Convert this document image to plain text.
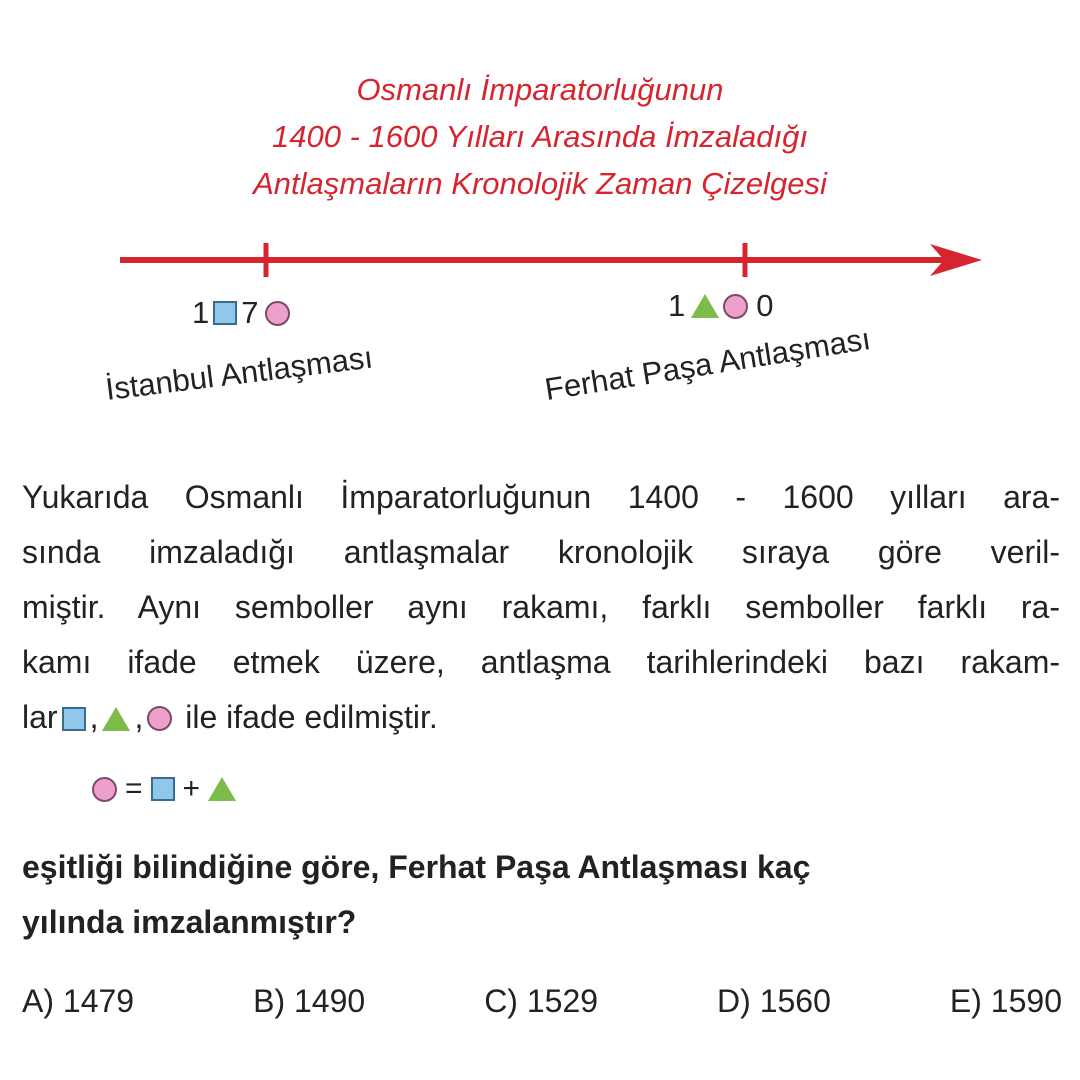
Osmanlı İmparatorluğunun
1400 - 1600 Yılları Arasında İmzaladığı
Antlaşmaların Kronolojik Zaman Çizelgesi
1 7
İstanbul Antlaşması
1 0
Ferhat Paşa Antlaşması
Yukarıda Osmanlı İmparatorluğunun 1400 - 1600 yılları ara-
sında imzaladığı antlaşmalar kronolojik sıraya göre veril-
miştir. Aynı semboller aynı rakamı, farklı semboller farklı ra-
kamı ifade etmek üzere, antlaşma tarihlerindeki bazı rakam-
lar , , ile ifade edilmiştir.
= +
eşitliği bilindiğine göre, Ferhat Paşa Antlaşması kaç
yılında imzalanmıştır?
A) 1479	B) 1490	C) 1529	D) 1560	E) 1590
